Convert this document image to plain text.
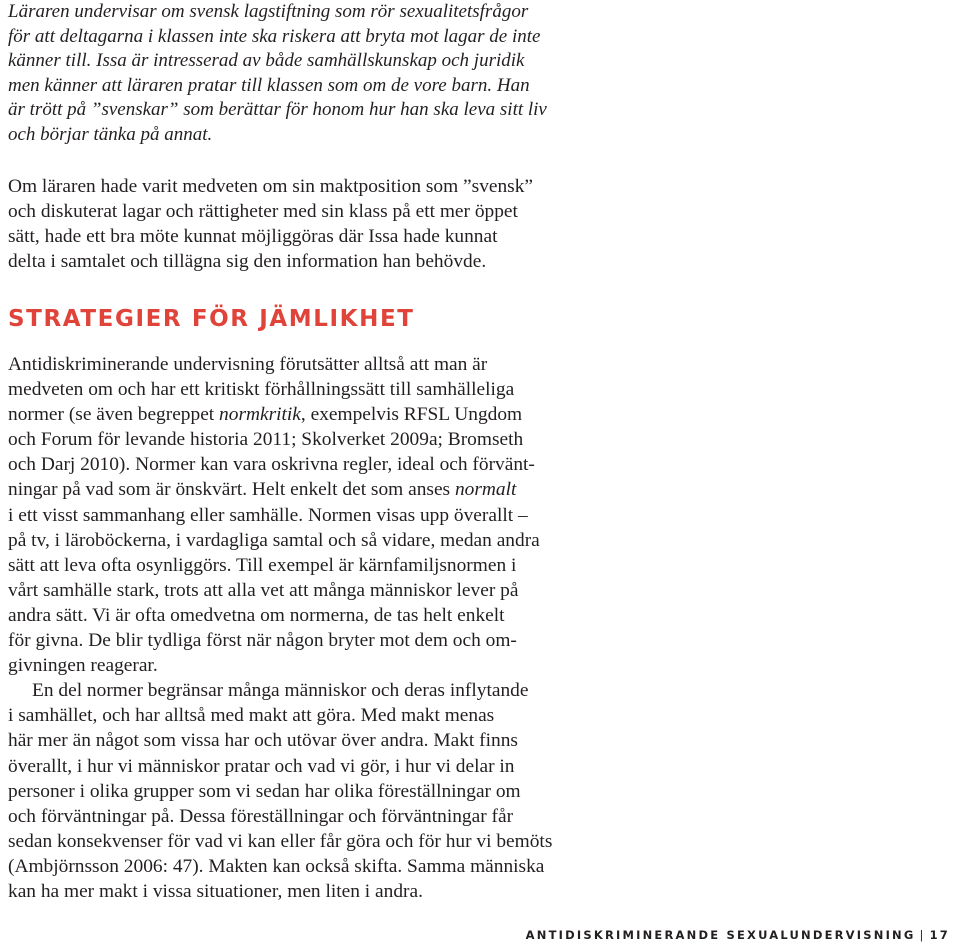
Läraren undervisar om svensk lagstiftning som rör sexualitetsfrågor
för att deltagarna i klassen inte ska riskera att bryta mot lagar de inte
känner till. Issa är intresserad av både samhällskunskap och juridik
men känner att läraren pratar till klassen som om de vore barn. Han
är trött på ”svenskar” som berättar för honom hur han ska leva sitt liv
och börjar tänka på annat.
Om läraren hade varit medveten om sin maktposition som ”svensk”
och diskuterat lagar och rättigheter med sin klass på ett mer öppet
sätt, hade ett bra möte kunnat möjliggöras där Issa hade kunnat
delta i samtalet och tillägna sig den information han behövde.
STRATEGIER FÖR JÄMLIKHET
Antidiskriminerande undervisning förutsätter alltså att man är
medveten om och har ett kritiskt förhållningssätt till samhälleliga
normer (se även begreppet normkritik, exempelvis RFSL Ungdom
och Forum för levande historia 2011; Skolverket 2009a; Bromseth
och Darj 2010). Normer kan vara oskrivna regler, ideal och förvänt-
ningar på vad som är önskvärt. Helt enkelt det som anses normalt
i ett visst sammanhang eller samhälle. Normen visas upp överallt –
på tv, i läroböckerna, i vardagliga samtal och så vidare, medan andra
sätt att leva ofta osynliggörs. Till exempel är kärnfamiljsnormen i
vårt samhälle stark, trots att alla vet att många människor lever på
andra sätt. Vi är ofta omedvetna om normerna, de tas helt enkelt
för givna. De blir tydliga först när någon bryter mot dem och om-
givningen reagerar.
En del normer begränsar många människor och deras inflytande
i samhället, och har alltså med makt att göra. Med makt menas
här mer än något som vissa har och utövar över andra. Makt finns
överallt, i hur vi människor pratar och vad vi gör, i hur vi delar in
personer i olika grupper som vi sedan har olika föreställningar om
och förväntningar på. Dessa föreställningar och förväntningar får
sedan konsekvenser för vad vi kan eller får göra och för hur vi bemöts
(Ambjörnsson 2006: 47). Makten kan också skifta. Samma människa
kan ha mer makt i vissa situationer, men liten i andra.
ANTIDISKRIMINERANDE SEXUALUNDERVISNING | 17
